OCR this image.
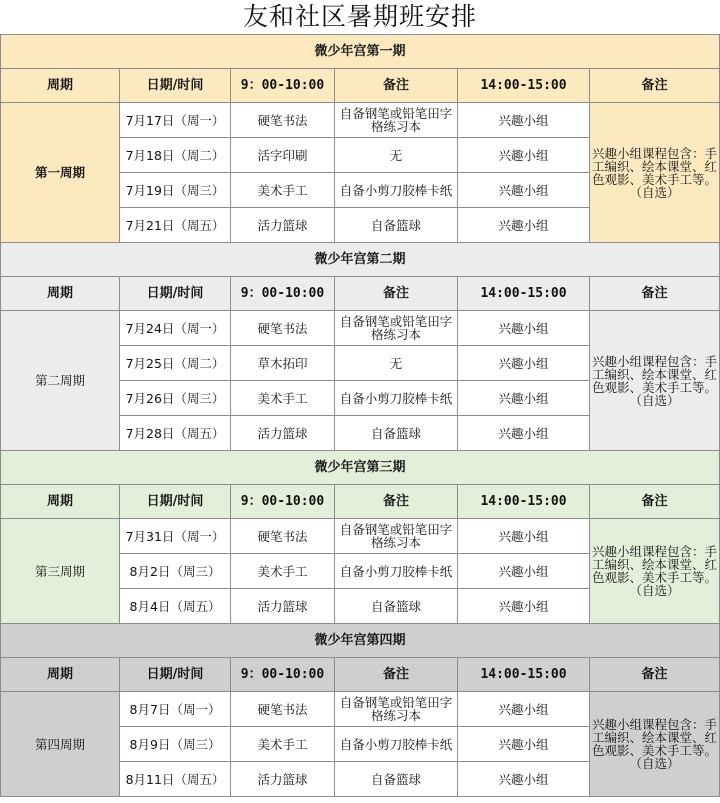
友和社区暑期班安排
微少年宫第一期					
周期	日期/时间	9：00-10:00	备注	14:00-15:00	备注
第一周期	7月17日（周一）	硬笔书法	自备钢笔或铅笔田字格练习本	兴趣小组	兴趣小组课程包含：手工编织、绘本课堂、红色观影、美术手工等。（自选）
	7月18日（周二）	活字印刷	无	兴趣小组	
	7月19日（周三）	美术手工	自备小剪刀胶棒卡纸	兴趣小组	
	7月21日（周五）	活力篮球	自备篮球	兴趣小组	
微少年宫第二期					
周期	日期/时间	9：00-10:00	备注	14:00-15:00	备注
第二周期	7月24日（周一）	硬笔书法	自备钢笔或铅笔田字格练习本	兴趣小组	兴趣小组课程包含：手工编织、绘本课堂、红色观影、美术手工等。（自选）
	7月25日（周二）	草木拓印	无	兴趣小组	
	7月26日（周三）	美术手工	自备小剪刀胶棒卡纸	兴趣小组	
	7月28日（周五）	活力篮球	自备篮球	兴趣小组	
微少年宫第三期					
周期	日期/时间	9：00-10:00	备注	14:00-15:00	备注
第三周期	7月31日（周一）	硬笔书法	自备钢笔或铅笔田字格练习本	兴趣小组	兴趣小组课程包含：手工编织、绘本课堂、红色观影、美术手工等。（自选）
	8月2日（周三）	美术手工	自备小剪刀胶棒卡纸	兴趣小组	
	8月4日（周五）	活力篮球	自备篮球	兴趣小组	
微少年宫第四期					
周期	日期/时间	9：00-10:00	备注	14:00-15:00	备注
第四周期	8月7日（周一）	硬笔书法	自备钢笔或铅笔田字格练习本	兴趣小组	兴趣小组课程包含：手工编织、绘本课堂、红色观影、美术手工等。（自选）
	8月9日（周三）	美术手工	自备小剪刀胶棒卡纸	兴趣小组	
	8月11日（周五）	活力篮球	自备篮球	兴趣小组	
